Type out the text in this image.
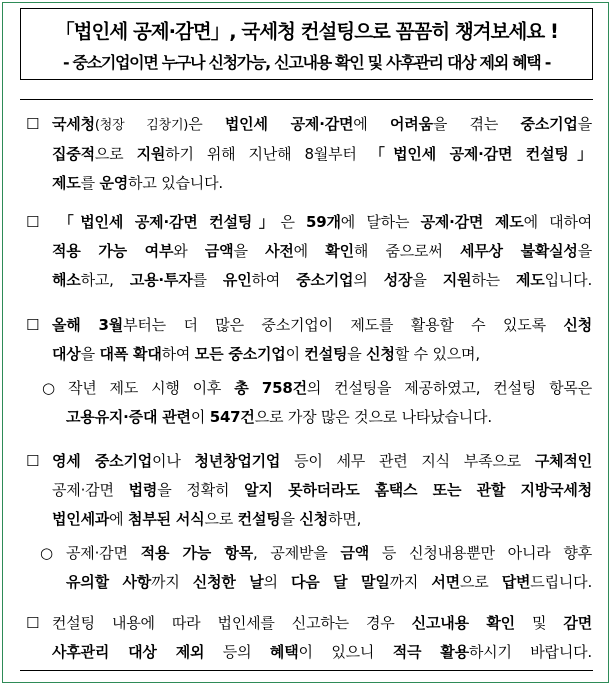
「법인세 공제·감면」, 국세청 컨설팅으로 꼼꼼히 챙겨보세요 !
- 중소기업이면 누구나 신청가능, 신고내용 확인 및 사후관리 대상 제외 혜택 -
☐ 국세청(청장 김창기)은 법인세 공제·감면에 어려움을 겪는 중소기업을
집중적으로 지원하기 위해 지난해 8월부터 「법인세 공제·감면 컨설팅」
제도를 운영하고 있습니다.
☐ 「법인세 공제·감면 컨설팅」은 59개에 달하는 공제·감면 제도에 대하여
적용 가능 여부와 금액을 사전에 확인해 줌으로써 세무상 불확실성을
해소하고, 고용·투자를 유인하여 중소기업의 성장을 지원하는 제도입니다.
☐ 올해 3월부터는 더 많은 중소기업이 제도를 활용할 수 있도록 신청
대상을 대폭 확대하여 모든 중소기업이 컨설팅을 신청할 수 있으며,
○ 작년 제도 시행 이후 총 758건의 컨설팅을 제공하였고, 컨설팅 항목은
고용유지·증대 관련이 547건으로 가장 많은 것으로 나타났습니다.
☐ 영세 중소기업이나 청년창업기업 등이 세무 관련 지식 부족으로 구체적인
공제·감면 법령을 정확히 알지 못하더라도 홈택스 또는 관할 지방국세청
법인세과에 첨부된 서식으로 컨설팅을 신청하면,
○ 공제·감면 적용 가능 항목, 공제받을 금액 등 신청내용뿐만 아니라 향후
유의할 사항까지 신청한 날의 다음 달 말일까지 서면으로 답변드립니다.
☐ 컨설팅 내용에 따라 법인세를 신고하는 경우 신고내용 확인 및 감면
사후관리 대상 제외 등의 혜택이 있으니 적극 활용하시기 바랍니다.
